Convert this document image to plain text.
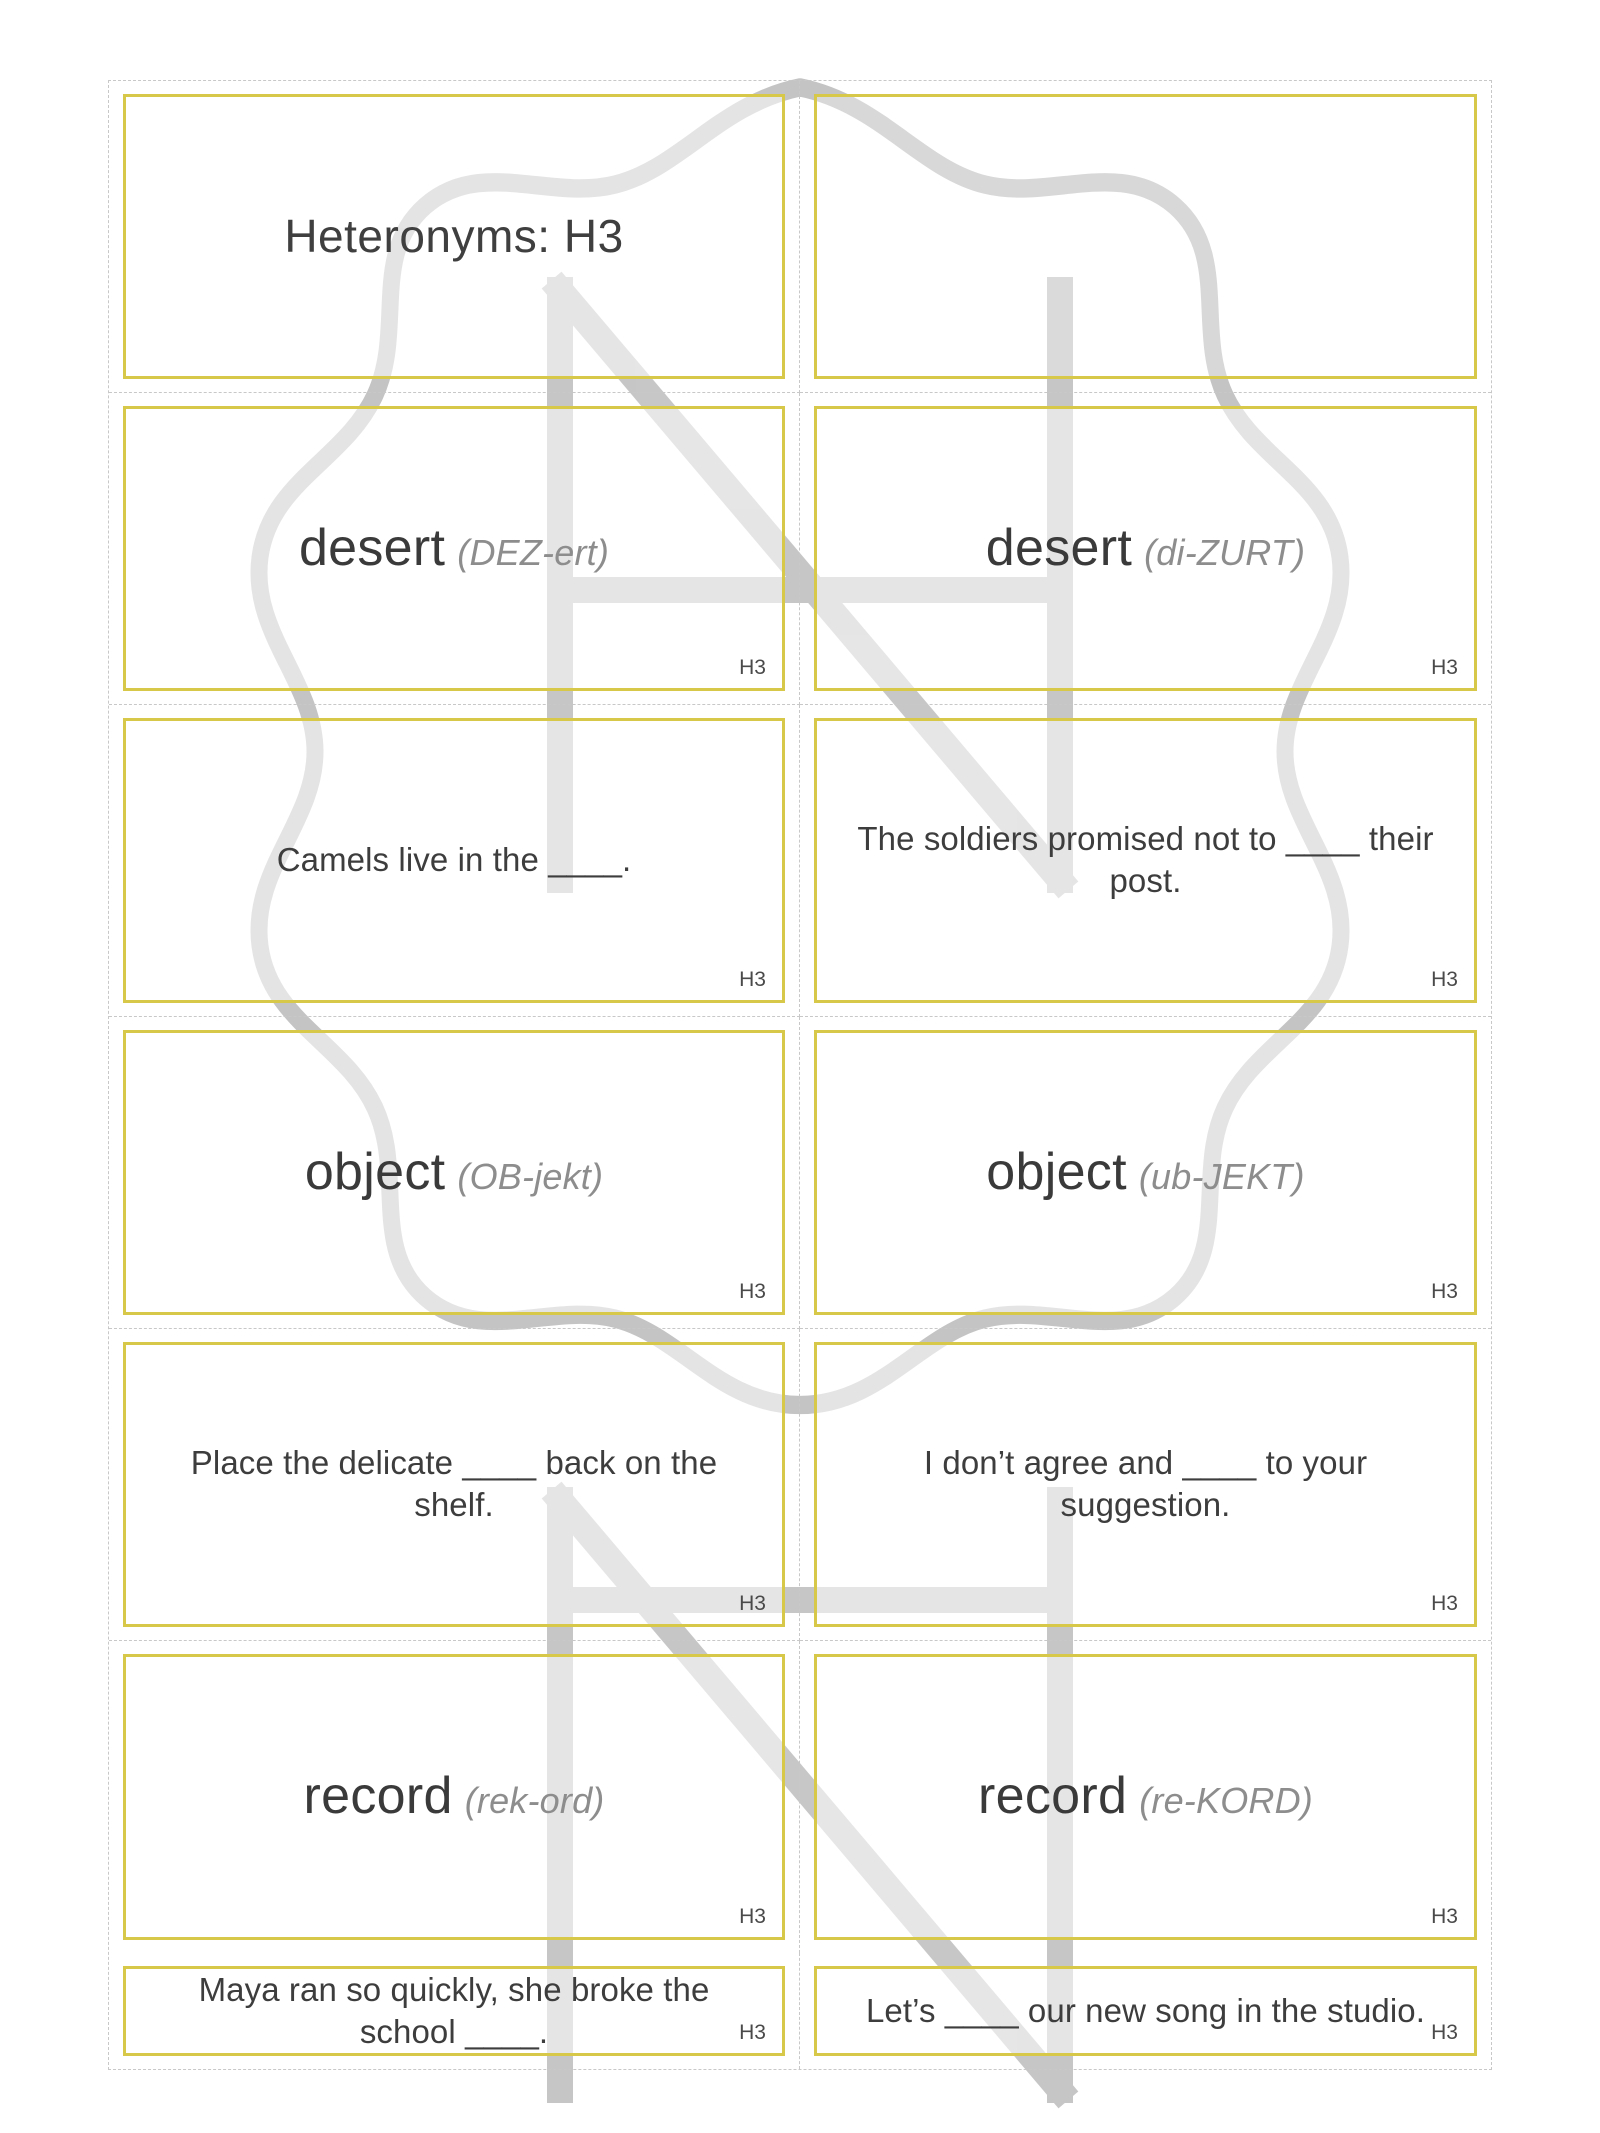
Heteronyms: H3
desert (DEZ-ert)
H3
desert (di-ZURT)
H3
Camels live in the ____.
H3
The soldiers promised not to ____ their post.
H3
object (OB-jekt)
H3
object (ub-JEKT)
H3
Place the delicate ____ back on the shelf.
H3
I don’t agree and ____ to your suggestion.
H3
record (rek-ord)
H3
record (re-KORD)
H3
Maya ran so quickly, she broke the school ____.	H3
Let’s ____ our new song in the studio.
H3
